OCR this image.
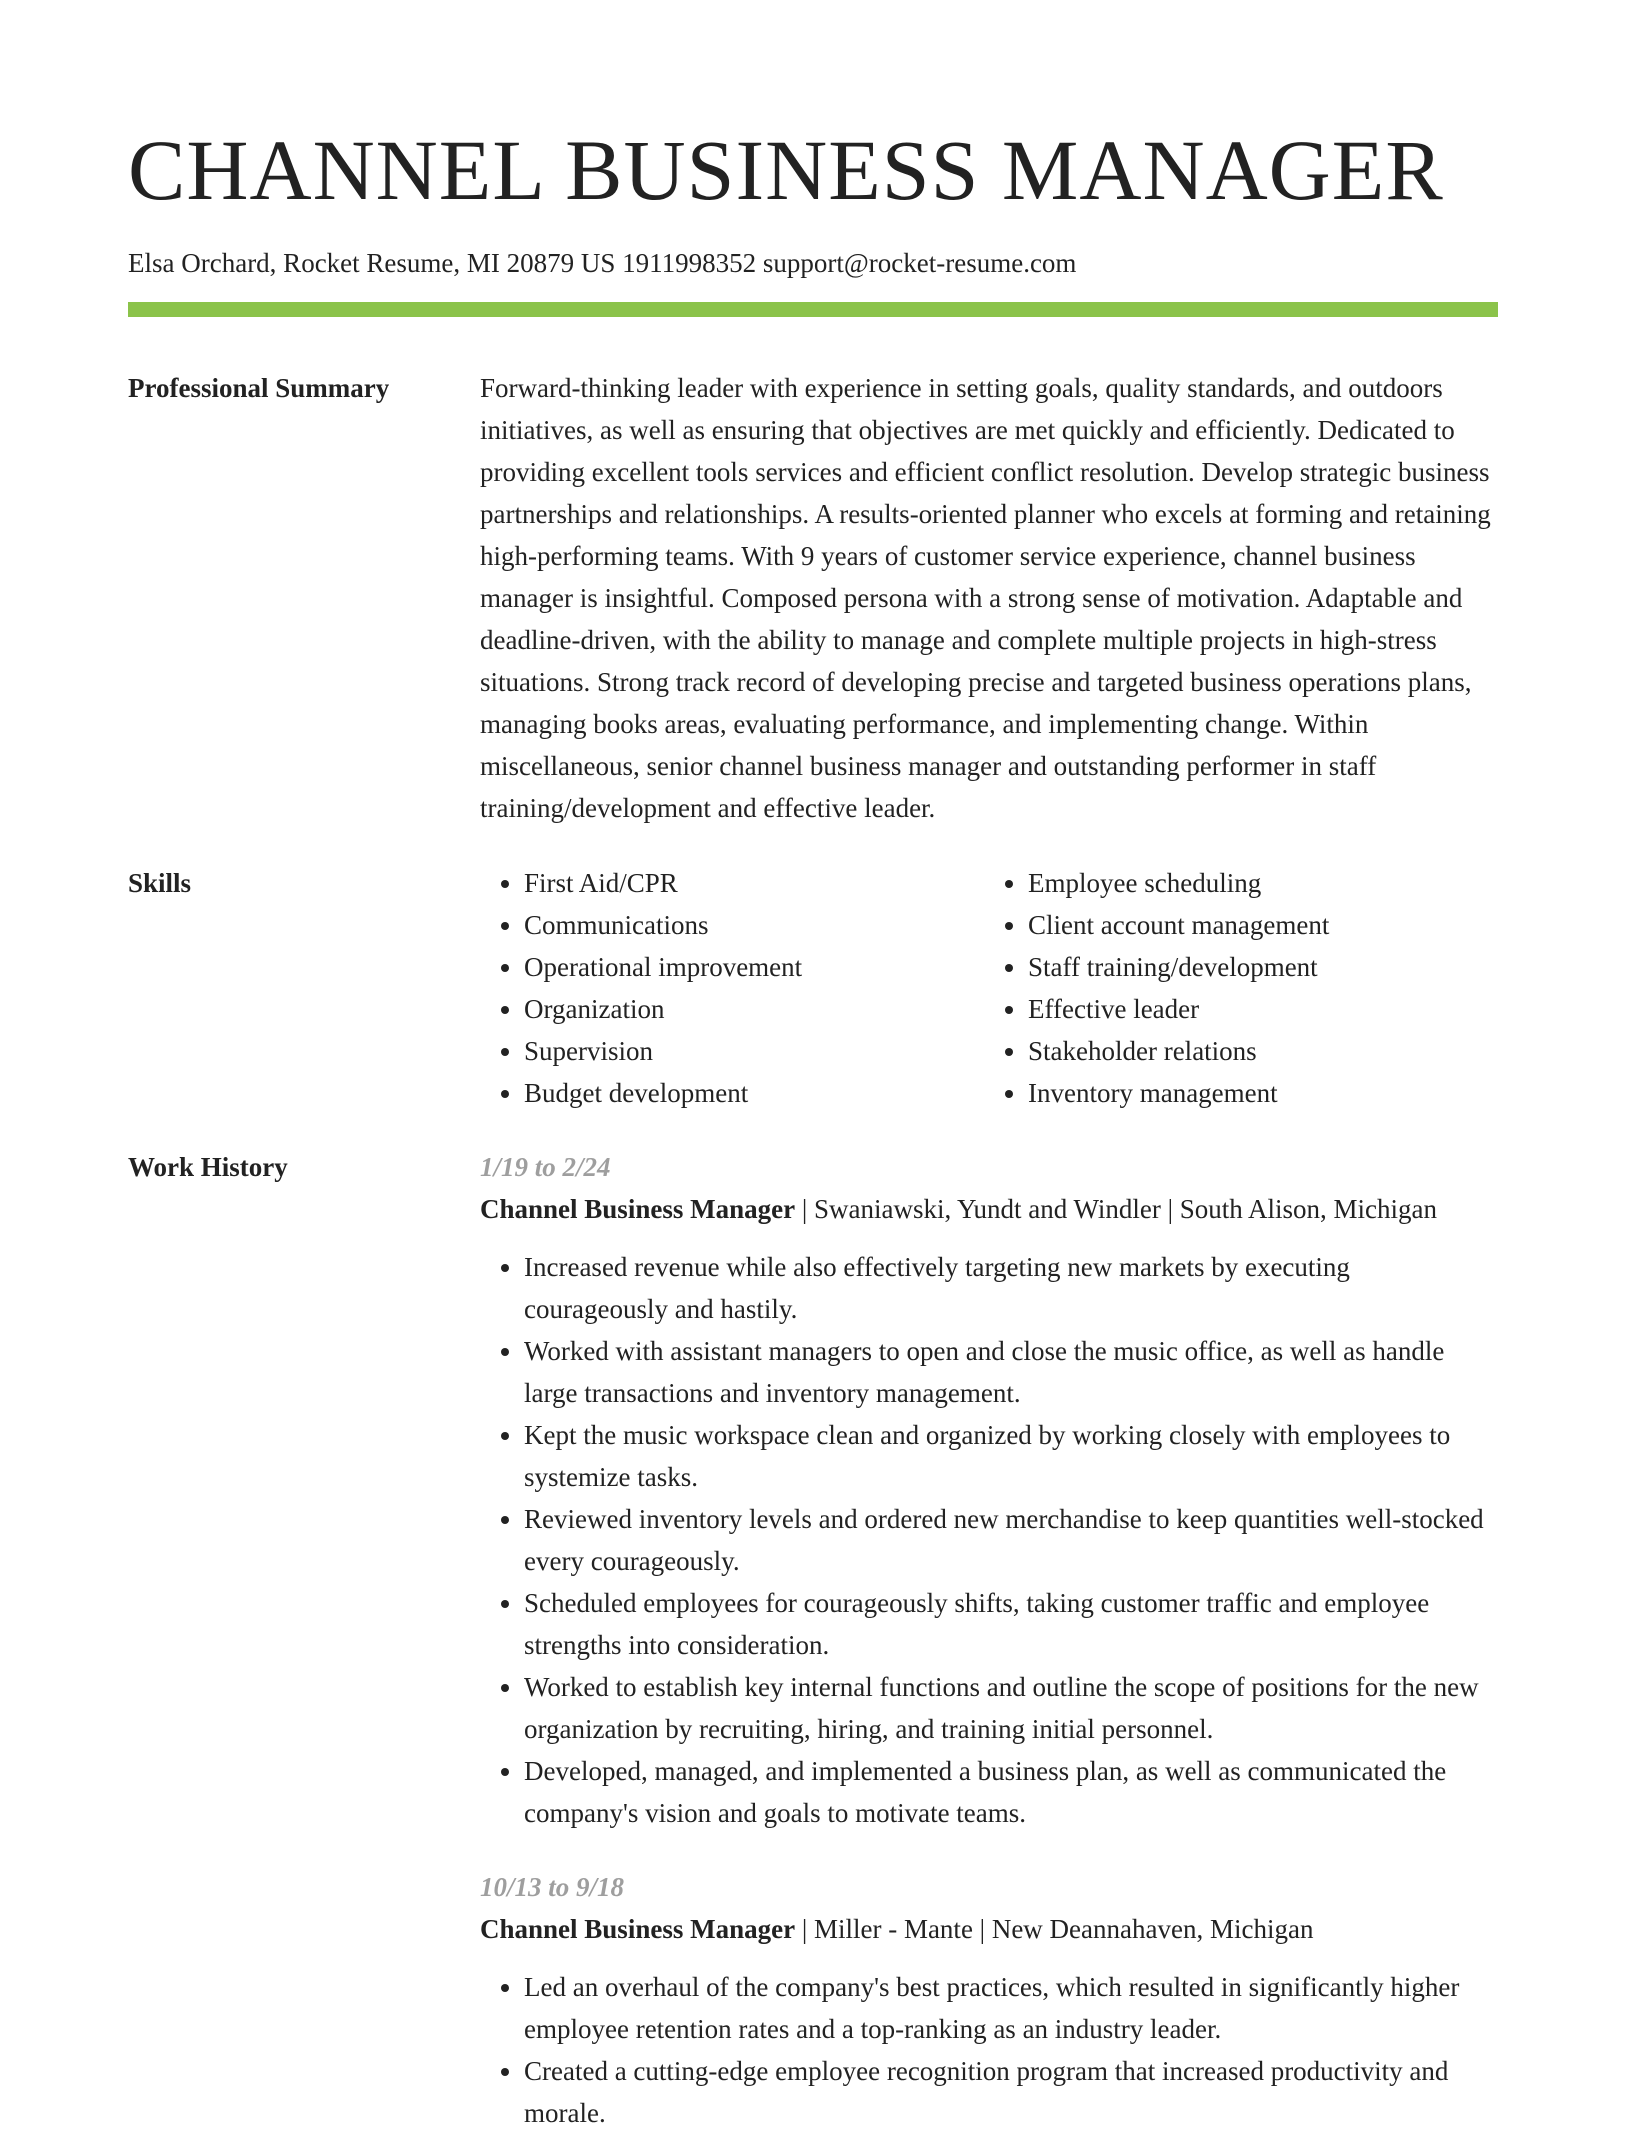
CHANNEL BUSINESS MANAGER
Elsa Orchard, Rocket Resume, MI 20879 US 1911998352 support@rocket-resume.com
Professional Summary	Forward-thinking leader with experience in setting goals, quality standards, and outdoors initiatives, as well as ensuring that objectives are met quickly and efficiently. Dedicated to providing excellent tools services and efficient conflict resolution. Develop strategic business partnerships and relationships. A results-oriented planner who excels at forming and retaining high-performing teams. With 9 years of customer service experience, channel business manager is insightful. Composed persona with a strong sense of motivation. Adaptable and deadline-driven, with the ability to manage and complete multiple projects in high-stress situations. Strong track record of developing precise and targeted business operations plans, managing books areas, evaluating performance, and implementing change. Within miscellaneous, senior channel business manager and outstanding performer in staff training/development and effective leader.
Skills
•	First Aid/CPR
• Communications
• Operational improvement
• Organization
• Supervision
• Budget development
• Employee scheduling
• Client account management
• Staff training/development
• Effective leader
• Stakeholder relations
• Inventory management
Work History	1/19 to 2/24
Channel Business Manager | Swaniawski, Yundt and Windler | South Alison, Michigan
• Increased revenue while also effectively targeting new markets by executing courageously and hastily.
• Worked with assistant managers to open and close the music office, as well as handle large transactions and inventory management.
• Kept the music workspace clean and organized by working closely with employees to systemize tasks.
• Reviewed inventory levels and ordered new merchandise to keep quantities well-stocked every courageously.
• Scheduled employees for courageously shifts, taking customer traffic and employee strengths into consideration.
• Worked to establish key internal functions and outline the scope of positions for the new organization by recruiting, hiring, and training initial personnel.
• Developed, managed, and implemented a business plan, as well as communicated the company's vision and goals to motivate teams.
10/13 to 9/18
Channel Business Manager | Miller - Mante | New Deannahaven, Michigan
• Led an overhaul of the company's best practices, which resulted in significantly higher employee retention rates and a top-ranking as an industry leader.
• Created a cutting-edge employee recognition program that increased productivity and morale.
